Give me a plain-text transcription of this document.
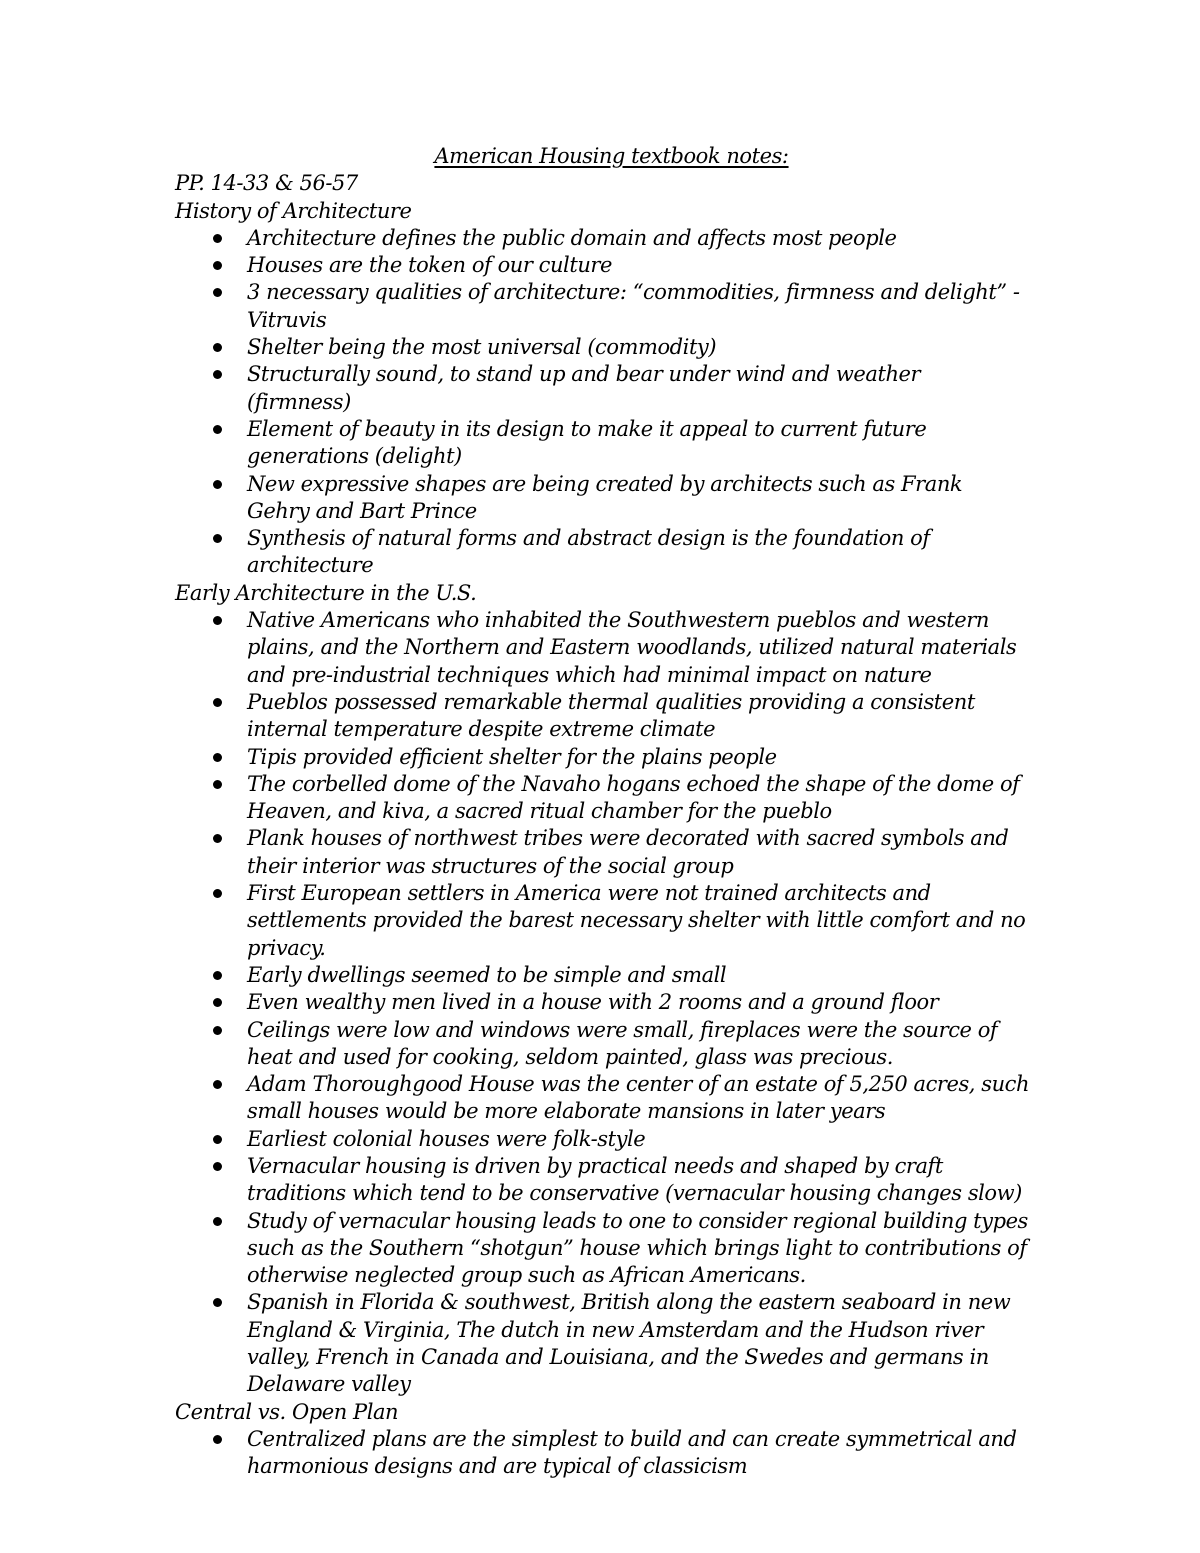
American Housing textbook notes:

PP. 14-33 & 56-57

History of Architecture

Architecture defines the public domain and affects most people
Houses are the token of our culture
3 necessary qualities of architecture: “commodities, firmness and delight” - Vitruvis
Shelter being the most universal (commodity)
Structurally sound, to stand up and bear under wind and weather (firmness)
Element of beauty in its design to make it appeal to current future generations (delight)
New expressive shapes are being created by architects such as Frank Gehry and Bart Prince
Synthesis of natural forms and abstract design is the foundation of architecture

Early Architecture in the U.S.

Native Americans who inhabited the Southwestern pueblos and western plains, and the Northern and Eastern woodlands, utilized natural materials and pre-industrial techniques which had minimal impact on nature
Pueblos possessed remarkable thermal qualities providing a consistent internal temperature despite extreme climate
Tipis provided efficient shelter for the plains people
The corbelled dome of the Navaho hogans echoed the shape of the dome of Heaven, and kiva, a sacred ritual chamber for the pueblo
Plank houses of northwest tribes were decorated with sacred symbols and their interior was structures of the social group
First European settlers in America were not trained architects and settlements provided the barest necessary shelter with little comfort and no privacy.
Early dwellings seemed to be simple and small
Even wealthy men lived in a house with 2 rooms and a ground floor
Ceilings were low and windows were small, fireplaces were the source of heat and used for cooking, seldom painted, glass was precious.
Adam Thoroughgood House was the center of an estate of 5,250 acres, such small houses would be more elaborate mansions in later years
Earliest colonial houses were folk-style
Vernacular housing is driven by practical needs and shaped by craft traditions which tend to be conservative (vernacular housing changes slow)
Study of vernacular housing leads to one to consider regional building types such as the Southern “shotgun” house which brings light to contributions of otherwise neglected group such as African Americans.
Spanish in Florida & southwest, British along the eastern seaboard in new England & Virginia, The dutch in new Amsterdam and the Hudson river valley, French in Canada and Louisiana, and the Swedes and germans in Delaware valley

Central vs. Open Plan

Centralized plans are the simplest to build and can create symmetrical and harmonious designs and are typical of classicism
